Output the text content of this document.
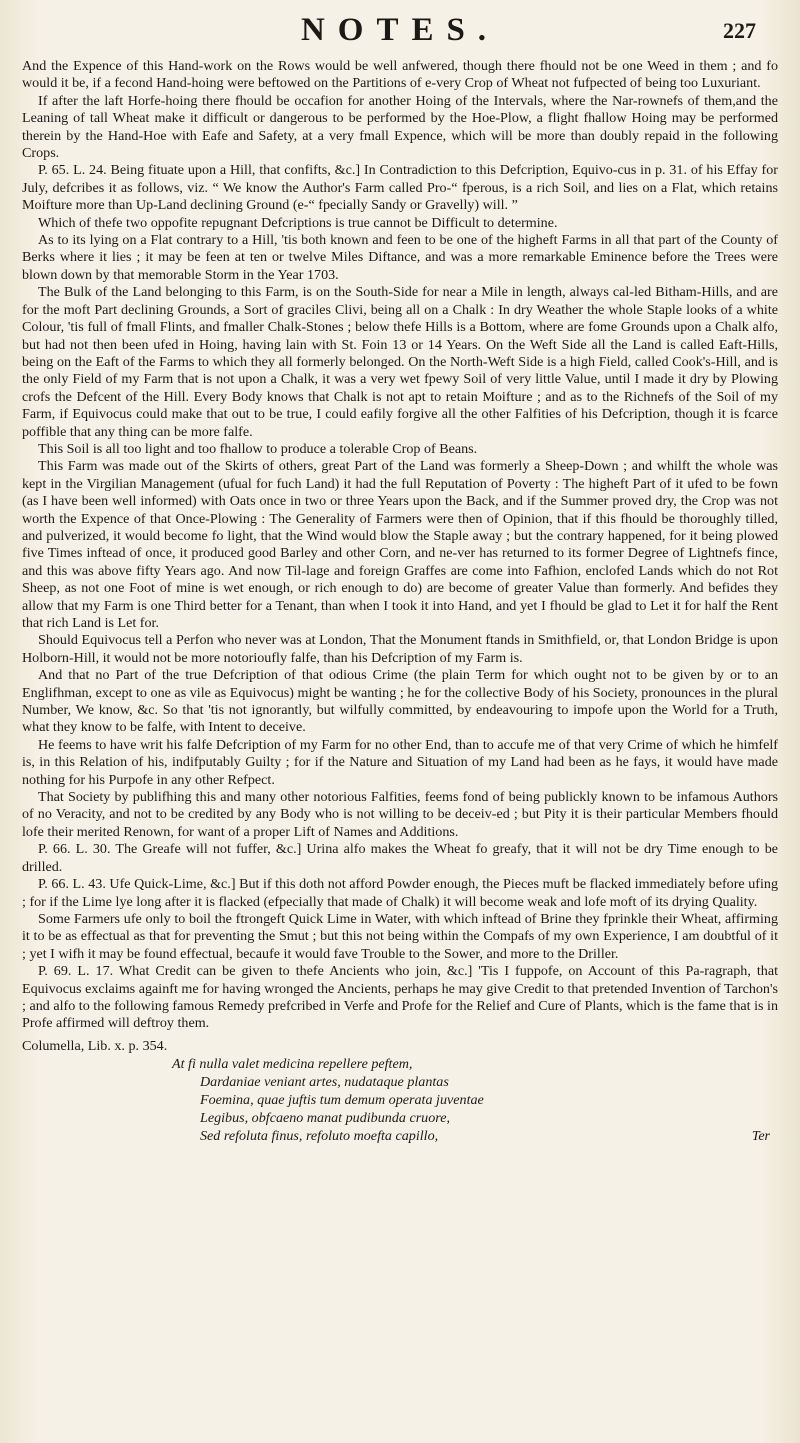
NOTES.	227

And the Expence of this Hand-work on the Rows would be well anfwered, though there fhould not be one Weed in them ; and fo would it be, if a fecond Hand-hoing were beftowed on the Partitions of e-very Crop of Wheat not fufpected of being too Luxuriant.

If after the laft Horfe-hoing there fhould be occafion for another Hoing of the Intervals, where the Nar-rownefs of them,and the Leaning of tall Wheat make it difficult or dangerous to be performed by the Hoe-Plow, a flight fhallow Hoing may be performed therein by the Hand-Hoe with Eafe and Safety, at a very fmall Expence, which will be more than doubly repaid in the following Crops.

P. 65. L. 24. Being fituate upon a Hill, that confifts, &c.] In Contradiction to this Defcription, Equivo-cus in p. 31. of his Effay for July, defcribes it as follows, viz. “ We know the Author's Farm called Pro-“ fperous, is a rich Soil, and lies on a Flat, which retains Moifture more than Up-Land declining Ground (e-“ fpecially Sandy or Gravelly) will. ”

Which of thefe two oppofite repugnant Defcriptions is true cannot be Difficult to determine.

As to its lying on a Flat contrary to a Hill, 'tis both known and feen to be one of the higheft Farms in all that part of the County of Berks where it lies ; it may be feen at ten or twelve Miles Diftance, and was a more remarkable Eminence before the Trees were blown down by that memorable Storm in the Year 1703.

The Bulk of the Land belonging to this Farm, is on the South-Side for near a Mile in length, always cal-led Bitham-Hills, and are for the moft Part declining Grounds, a Sort of graciles Clivi, being all on a Chalk : In dry Weather the whole Staple looks of a white Colour, 'tis full of fmall Flints, and fmaller Chalk-Stones ; below thefe Hills is a Bottom, where are fome Grounds upon a Chalk alfo, but had not then been ufed in Hoing, having lain with St. Foin 13 or 14 Years. On the Weft Side all the Land is called Eaft-Hills, being on the Eaft of the Farms to which they all formerly belonged. On the North-Weft Side is a high Field, called Cook's-Hill, and is the only Field of my Farm that is not upon a Chalk, it was a very wet fpewy Soil of very little Value, until I made it dry by Plowing crofs the Defcent of the Hill. Every Body knows that Chalk is not apt to retain Moifture ; and as to the Richnefs of the Soil of my Farm, if Equivocus could make that out to be true, I could eafily forgive all the other Falfities of his Defcription, though it is fcarce poffible that any thing can be more falfe.

This Soil is all too light and too fhallow to produce a tolerable Crop of Beans.

This Farm was made out of the Skirts of others, great Part of the Land was formerly a Sheep-Down ; and whilft the whole was kept in the Virgilian Management (ufual for fuch Land) it had the full Reputation of Poverty : The higheft Part of it ufed to be fown (as I have been well informed) with Oats once in two or three Years upon the Back, and if the Summer proved dry, the Crop was not worth the Expence of that Once-Plowing : The Generality of Farmers were then of Opinion, that if this fhould be thoroughly tilled, and pulverized, it would become fo light, that the Wind would blow the Staple away ; but the contrary happened, for it being plowed five Times inftead of once, it produced good Barley and other Corn, and ne-ver has returned to its former Degree of Lightnefs fince, and this was above fifty Years ago. And now Til-lage and foreign Graffes are come into Fafhion, enclofed Lands which do not Rot Sheep, as not one Foot of mine is wet enough, or rich enough to do) are become of greater Value than formerly. And befides they allow that my Farm is one Third better for a Tenant, than when I took it into Hand, and yet I fhould be glad to Let it for half the Rent that rich Land is Let for.

Should Equivocus tell a Perfon who never was at London, That the Monument ftands in Smithfield, or, that London Bridge is upon Holborn-Hill, it would not be more notorioufly falfe, than his Defcription of my Farm is.

And that no Part of the true Defcription of that odious Crime (the plain Term for which ought not to be given by or to an Englifhman, except to one as vile as Equivocus) might be wanting ; he for the collective Body of his Society, pronounces in the plural Number, We know, &c. So that 'tis not ignorantly, but wilfully committed, by endeavouring to impofe upon the World for a Truth, what they know to be falfe, with Intent to deceive.

He feems to have writ his falfe Defcription of my Farm for no other End, than to accufe me of that very Crime of which he himfelf is, in this Relation of his, indifputably Guilty ; for if the Nature and Situation of my Land had been as he fays, it would have made nothing for his Purpofe in any other Refpect.

That Society by publifhing this and many other notorious Falfities, feems fond of being publickly known to be infamous Authors of no Veracity, and not to be credited by any Body who is not willing to be deceiv-ed ; but Pity it is their particular Members fhould lofe their merited Renown, for want of a proper Lift of Names and Additions.

P. 66. L. 30. The Greafe will not fuffer, &c.] Urina alfo makes the Wheat fo greafy, that it will not be dry Time enough to be drilled.

P. 66. L. 43. Ufe Quick-Lime, &c.] But if this doth not afford Powder enough, the Pieces muft be flacked immediately before ufing ; for if the Lime lye long after it is flacked (efpecially that made of Chalk) it will become weak and lofe moft of its drying Quality.

Some Farmers ufe only to boil the ftrongeft Quick Lime in Water, with which inftead of Brine they fprinkle their Wheat, affirming it to be as effectual as that for preventing the Smut ; but this not being within the Compafs of my own Experience, I am doubtful of it ; yet I wifh it may be found effectual, becaufe it would fave Trouble to the Sower, and more to the Driller.

P. 69. L. 17. What Credit can be given to thefe Ancients who join, &c.] 'Tis I fuppofe, on Account of this Pa-ragraph, that Equivocus exclaims againft me for having wronged the Ancients, perhaps he may give Credit to that pretended Invention of Tarchon's ; and alfo to the following famous Remedy prefcribed in Verfe and Profe for the Relief and Cure of Plants, which is the fame that is in Profe affirmed will deftroy them.

Columella, Lib. x. p. 354.
At fi nulla valet medicina repellere peftem,
Dardaniae veniant artes, nudataque plantas
Foemina, quae juftis tum demum operata juventae
Legibus, obfcaeno manat pudibunda cruore,
Sed refoluta finus, refoluto moefta capillo,	Ter
